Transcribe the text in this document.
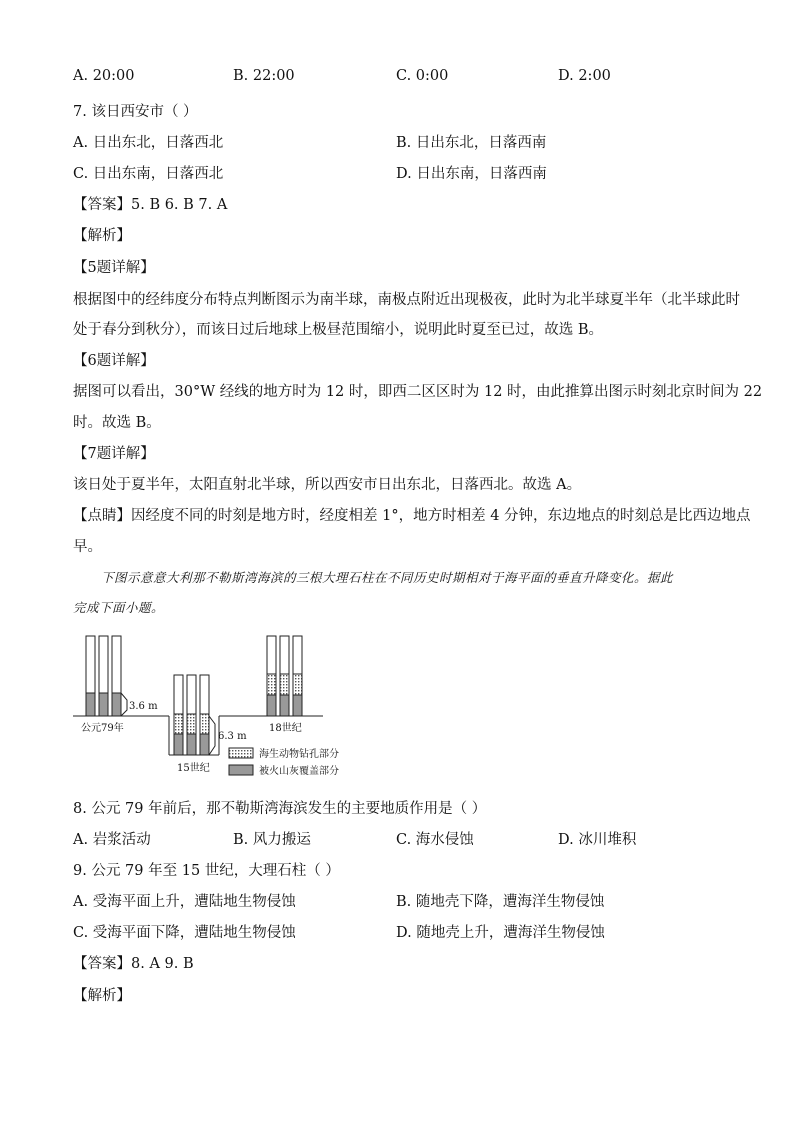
A. 20:00	B. 22:00	C. 0:00	D. 2:00
7. 该日西安市（ ）
A. 日出东北，日落西北	B. 日出东北，日落西南
C. 日出东南，日落西北	D. 日出东南，日落西南
【答案】5. B 6. B 7. A
【解析】
【5题详解】
根据图中的经纬度分布特点判断图示为南半球，南极点附近出现极夜，此时为北半球夏半年（北半球此时
处于春分到秋分），而该日过后地球上极昼范围缩小，说明此时夏至已过，故选 B。
【6题详解】
据图可以看出，30°W 经线的地方时为 12 时，即西二区区时为 12 时，由此推算出图示时刻北京时间为 22
时。故选 B。
【7题详解】
该日处于夏半年，太阳直射北半球，所以西安市日出东北，日落西北。故选 A。
【点睛】因经度不同的时刻是地方时，经度相差 1°，地方时相差 4 分钟，东边地点的时刻总是比西边地点
早。
下图示意意大利那不勒斯湾海滨的三根大理石柱在不同历史时期相对于海平面的垂直升降变化。据此
完成下面小题。
3.6 m
公元79年
6.3 m
15世纪
18世纪
海生动物钻孔部分
被火山灰覆盖部分
8. 公元 79 年前后，那不勒斯湾海滨发生的主要地质作用是（ ）
A. 岩浆活动	B. 风力搬运	C. 海水侵蚀	D. 冰川堆积
9. 公元 79 年至 15 世纪，大理石柱（ ）
A. 受海平面上升，遭陆地生物侵蚀	B. 随地壳下降，遭海洋生物侵蚀
C. 受海平面下降，遭陆地生物侵蚀	D. 随地壳上升，遭海洋生物侵蚀
【答案】8. A 9. B
【解析】
